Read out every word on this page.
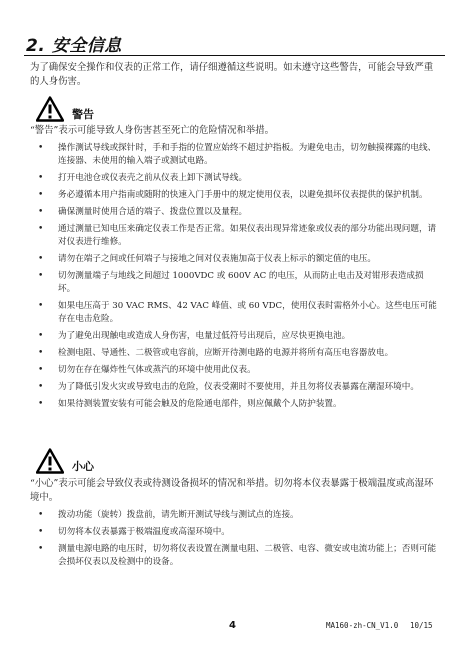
2. 安全信息
为了确保安全操作和仪表的正常工作，请仔细遵循这些说明。如未遵守这些警告，可能会导致严重的人身伤害。
警告
“警告”表示可能导致人身伤害甚至死亡的危险情况和举措。
• 操作测试导线或探针时，手和手指的位置应始终不超过护指板。为避免电击，切勿触摸裸露的电线、连接器、未使用的输入端子或测试电路。
• 打开电池仓或仪表壳之前从仪表上卸下测试导线。
• 务必遵循本用户指南或随附的快速入门手册中的规定使用仪表，以避免损坏仪表提供的保护机制。
• 确保测量时使用合适的端子、拨盘位置以及量程。
• 通过测量已知电压来确定仪表工作是否正常。如果仪表出现异常迹象或仪表的部分功能出现问题，请对仪表进行维修。
• 请勿在端子之间或任何端子与接地之间对仪表施加高于仪表上标示的额定值的电压。
• 切勿测量端子与地线之间超过 1000VDC 或 600V AC 的电压，从而防止电击及对钳形表造成损坏。
• 如果电压高于 30 VAC RMS、42 VAC 峰值、或 60 VDC，使用仪表时需格外小心。这些电压可能存在电击危险。
• 为了避免出现触电或造成人身伤害，电量过低符号出现后，应尽快更换电池。
• 检测电阻、导通性、二极管或电容前，应断开待测电路的电源并将所有高压电容器放电。
• 切勿在存在爆炸性气体或蒸汽的环境中使用此仪表。
• 为了降低引发火灾或导致电击的危险，仪表受潮时不要使用，并且勿将仪表暴露在潮湿环境中。
• 如果待测装置安装有可能会触及的危险通电部件，则应佩戴个人防护装置。
小心
“小心”表示可能会导致仪表或待测设备损坏的情况和举措。切勿将本仪表暴露于极端温度或高湿环境中。
• 拨动功能（旋转）拨盘前，请先断开测试导线与测试点的连接。
• 切勿将本仪表暴露于极端温度或高湿环境中。
• 测量电源电路的电压时，切勿将仪表设置在测量电阻、二极管、电容、微安或电流功能上；否则可能会损坏仪表以及检测中的设备。
4	MA160-zh-CN_V1.0 10/15
